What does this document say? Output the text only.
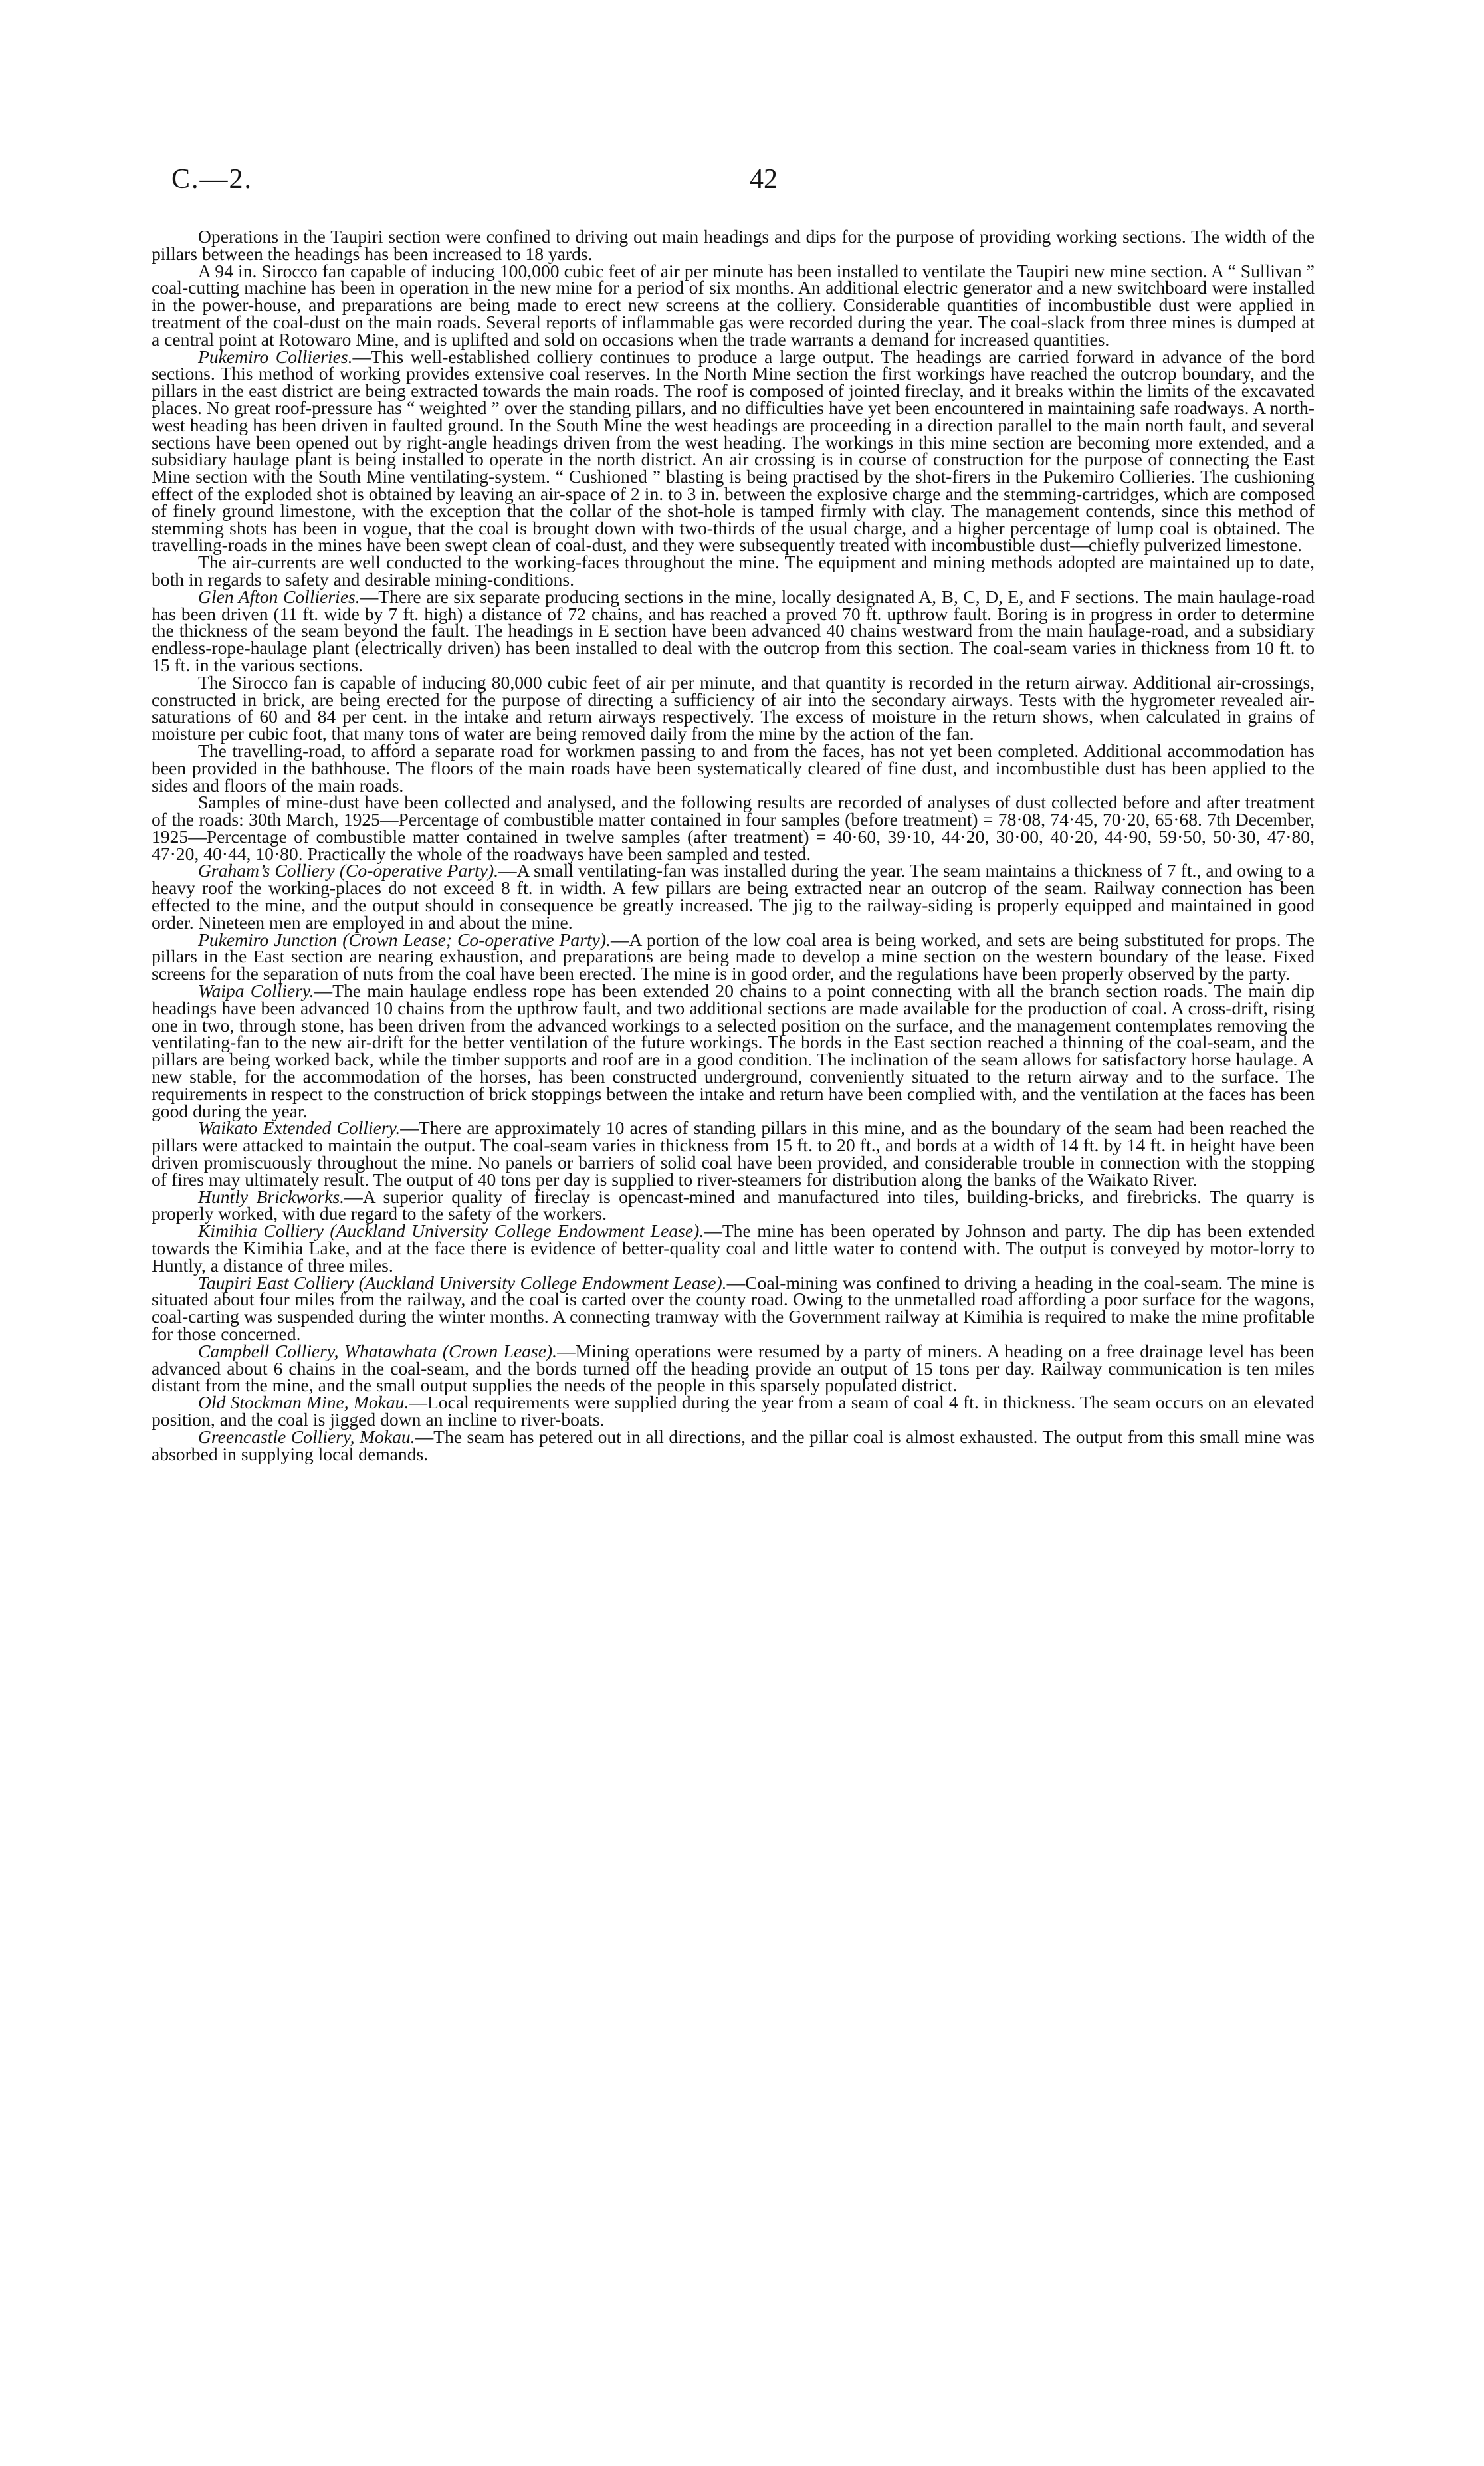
C.—2.	42

Operations in the Taupiri section were confined to driving out main headings and dips for the purpose of providing working sections. The width of the pillars between the headings has been increased to 18 yards.

A 94 in. Sirocco fan capable of inducing 100,000 cubic feet of air per minute has been installed to ventilate the Taupiri new mine section. A “ Sullivan ” coal-cutting machine has been in operation in the new mine for a period of six months. An additional electric generator and a new switchboard were installed in the power-house, and preparations are being made to erect new screens at the colliery. Considerable quantities of incombustible dust were applied in treatment of the coal-dust on the main roads. Several reports of inflammable gas were recorded during the year. The coal-slack from three mines is dumped at a central point at Rotowaro Mine, and is uplifted and sold on occasions when the trade warrants a demand for increased quantities.

Pukemiro Collieries.—This well-established colliery continues to produce a large output. The headings are carried forward in advance of the bord sections. This method of working provides extensive coal reserves. In the North Mine section the first workings have reached the outcrop boundary, and the pillars in the east district are being extracted towards the main roads. The roof is composed of jointed fireclay, and it breaks within the limits of the excavated places. No great roof-pressure has “ weighted ” over the standing pillars, and no difficulties have yet been encountered in maintaining safe roadways. A north-west heading has been driven in faulted ground. In the South Mine the west headings are proceeding in a direction parallel to the main north fault, and several sections have been opened out by right-angle headings driven from the west heading. The workings in this mine section are becoming more extended, and a subsidiary haulage plant is being installed to operate in the north district. An air crossing is in course of construction for the purpose of connecting the East Mine section with the South Mine ventilating-system. “ Cushioned ” blasting is being practised by the shot-firers in the Pukemiro Collieries. The cushioning effect of the exploded shot is obtained by leaving an air-space of 2 in. to 3 in. between the explosive charge and the stemming-cartridges, which are composed of finely ground limestone, with the exception that the collar of the shot-hole is tamped firmly with clay. The management contends, since this method of stemming shots has been in vogue, that the coal is brought down with two-thirds of the usual charge, and a higher percentage of lump coal is obtained. The travelling-roads in the mines have been swept clean of coal-dust, and they were subsequently treated with incombustible dust—chiefly pulverized limestone.

The air-currents are well conducted to the working-faces throughout the mine. The equipment and mining methods adopted are maintained up to date, both in regards to safety and desirable mining-conditions.

Glen Afton Collieries.—There are six separate producing sections in the mine, locally designated A, B, C, D, E, and F sections. The main haulage-road has been driven (11 ft. wide by 7 ft. high) a distance of 72 chains, and has reached a proved 70 ft. upthrow fault. Boring is in progress in order to determine the thickness of the seam beyond the fault. The headings in E section have been advanced 40 chains westward from the main haulage-road, and a subsidiary endless-rope-haulage plant (electrically driven) has been installed to deal with the outcrop from this section. The coal-seam varies in thickness from 10 ft. to 15 ft. in the various sections.

The Sirocco fan is capable of inducing 80,000 cubic feet of air per minute, and that quantity is recorded in the return airway. Additional air-crossings, constructed in brick, are being erected for the purpose of directing a sufficiency of air into the secondary airways. Tests with the hygrometer revealed air-saturations of 60 and 84 per cent. in the intake and return airways respectively. The excess of moisture in the return shows, when calculated in grains of moisture per cubic foot, that many tons of water are being removed daily from the mine by the action of the fan.

The travelling-road, to afford a separate road for workmen passing to and from the faces, has not yet been completed. Additional accommodation has been provided in the bathhouse. The floors of the main roads have been systematically cleared of fine dust, and incombustible dust has been applied to the sides and floors of the main roads.

Samples of mine-dust have been collected and analysed, and the following results are recorded of analyses of dust collected before and after treatment of the roads: 30th March, 1925—Percentage of combustible matter contained in four samples (before treatment) = 78·08, 74·45, 70·20, 65·68. 7th December, 1925—Percentage of combustible matter contained in twelve samples (after treatment) = 40·60, 39·10, 44·20, 30·00, 40·20, 44·90, 59·50, 50·30, 47·80, 47·20, 40·44, 10·80. Practically the whole of the roadways have been sampled and tested.

Graham’s Colliery (Co-operative Party).—A small ventilating-fan was installed during the year. The seam maintains a thickness of 7 ft., and owing to a heavy roof the working-places do not exceed 8 ft. in width. A few pillars are being extracted near an outcrop of the seam. Railway connection has been effected to the mine, and the output should in consequence be greatly increased. The jig to the railway-siding is properly equipped and maintained in good order. Nineteen men are employed in and about the mine.

Pukemiro Junction (Crown Lease; Co-operative Party).—A portion of the low coal area is being worked, and sets are being substituted for props. The pillars in the East section are nearing exhaustion, and preparations are being made to develop a mine section on the western boundary of the lease. Fixed screens for the separation of nuts from the coal have been erected. The mine is in good order, and the regulations have been properly observed by the party.

Waipa Colliery.—The main haulage endless rope has been extended 20 chains to a point connecting with all the branch section roads. The main dip headings have been advanced 10 chains from the upthrow fault, and two additional sections are made available for the production of coal. A cross-drift, rising one in two, through stone, has been driven from the advanced workings to a selected position on the surface, and the management contemplates removing the ventilating-fan to the new air-drift for the better ventilation of the future workings. The bords in the East section reached a thinning of the coal-seam, and the pillars are being worked back, while the timber supports and roof are in a good condition. The inclination of the seam allows for satisfactory horse haulage. A new stable, for the accommodation of the horses, has been constructed underground, conveniently situated to the return airway and to the surface. The requirements in respect to the construction of brick stoppings between the intake and return have been complied with, and the ventilation at the faces has been good during the year.

Waikato Extended Colliery.—There are approximately 10 acres of standing pillars in this mine, and as the boundary of the seam had been reached the pillars were attacked to maintain the output. The coal-seam varies in thickness from 15 ft. to 20 ft., and bords at a width of 14 ft. by 14 ft. in height have been driven promiscuously throughout the mine. No panels or barriers of solid coal have been provided, and considerable trouble in connection with the stopping of fires may ultimately result. The output of 40 tons per day is supplied to river-steamers for distribution along the banks of the Waikato River.

Huntly Brickworks.—A superior quality of fireclay is opencast-mined and manufactured into tiles, building-bricks, and firebricks. The quarry is properly worked, with due regard to the safety of the workers.

Kimihia Colliery (Auckland University College Endowment Lease).—The mine has been operated by Johnson and party. The dip has been extended towards the Kimihia Lake, and at the face there is evidence of better-quality coal and little water to contend with. The output is conveyed by motor-lorry to Huntly, a distance of three miles.

Taupiri East Colliery (Auckland University College Endowment Lease).—Coal-mining was confined to driving a heading in the coal-seam. The mine is situated about four miles from the railway, and the coal is carted over the county road. Owing to the unmetalled road affording a poor surface for the wagons, coal-carting was suspended during the winter months. A connecting tramway with the Government railway at Kimihia is required to make the mine profitable for those concerned.

Campbell Colliery, Whatawhata (Crown Lease).—Mining operations were resumed by a party of miners. A heading on a free drainage level has been advanced about 6 chains in the coal-seam, and the bords turned off the heading provide an output of 15 tons per day. Railway communication is ten miles distant from the mine, and the small output supplies the needs of the people in this sparsely populated district.

Old Stockman Mine, Mokau.—Local requirements were supplied during the year from a seam of coal 4 ft. in thickness. The seam occurs on an elevated position, and the coal is jigged down an incline to river-boats.

Greencastle Colliery, Mokau.—The seam has petered out in all directions, and the pillar coal is almost exhausted. The output from this small mine was absorbed in supplying local demands.
